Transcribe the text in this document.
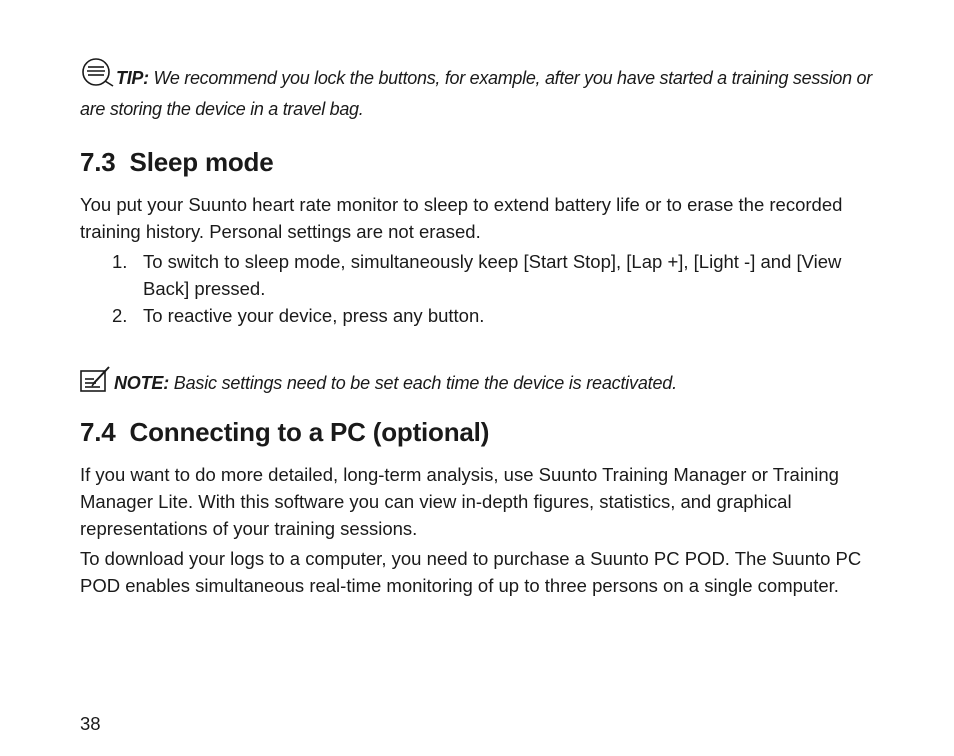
TIP: We recommend you lock the buttons, for example, after you have started a training session or are storing the device in a travel bag.
7.3 Sleep mode

You put your Suunto heart rate monitor to sleep to extend battery life or to erase the recorded training history. Personal settings are not erased.

1. To switch to sleep mode, simultaneously keep [Start Stop], [Lap +], [Light -] and [View Back] pressed.
2. To reactive your device, press any button.
NOTE: Basic settings need to be set each time the device is reactivated.
7.4 Connecting to a PC (optional)

If you want to do more detailed, long-term analysis, use Suunto Training Manager or Training Manager Lite. With this software you can view in-depth figures, statistics, and graphical representations of your training sessions.

To download your logs to a computer, you need to purchase a Suunto PC POD. The Suunto PC POD enables simultaneous real-time monitoring of up to three persons on a single computer.

38
